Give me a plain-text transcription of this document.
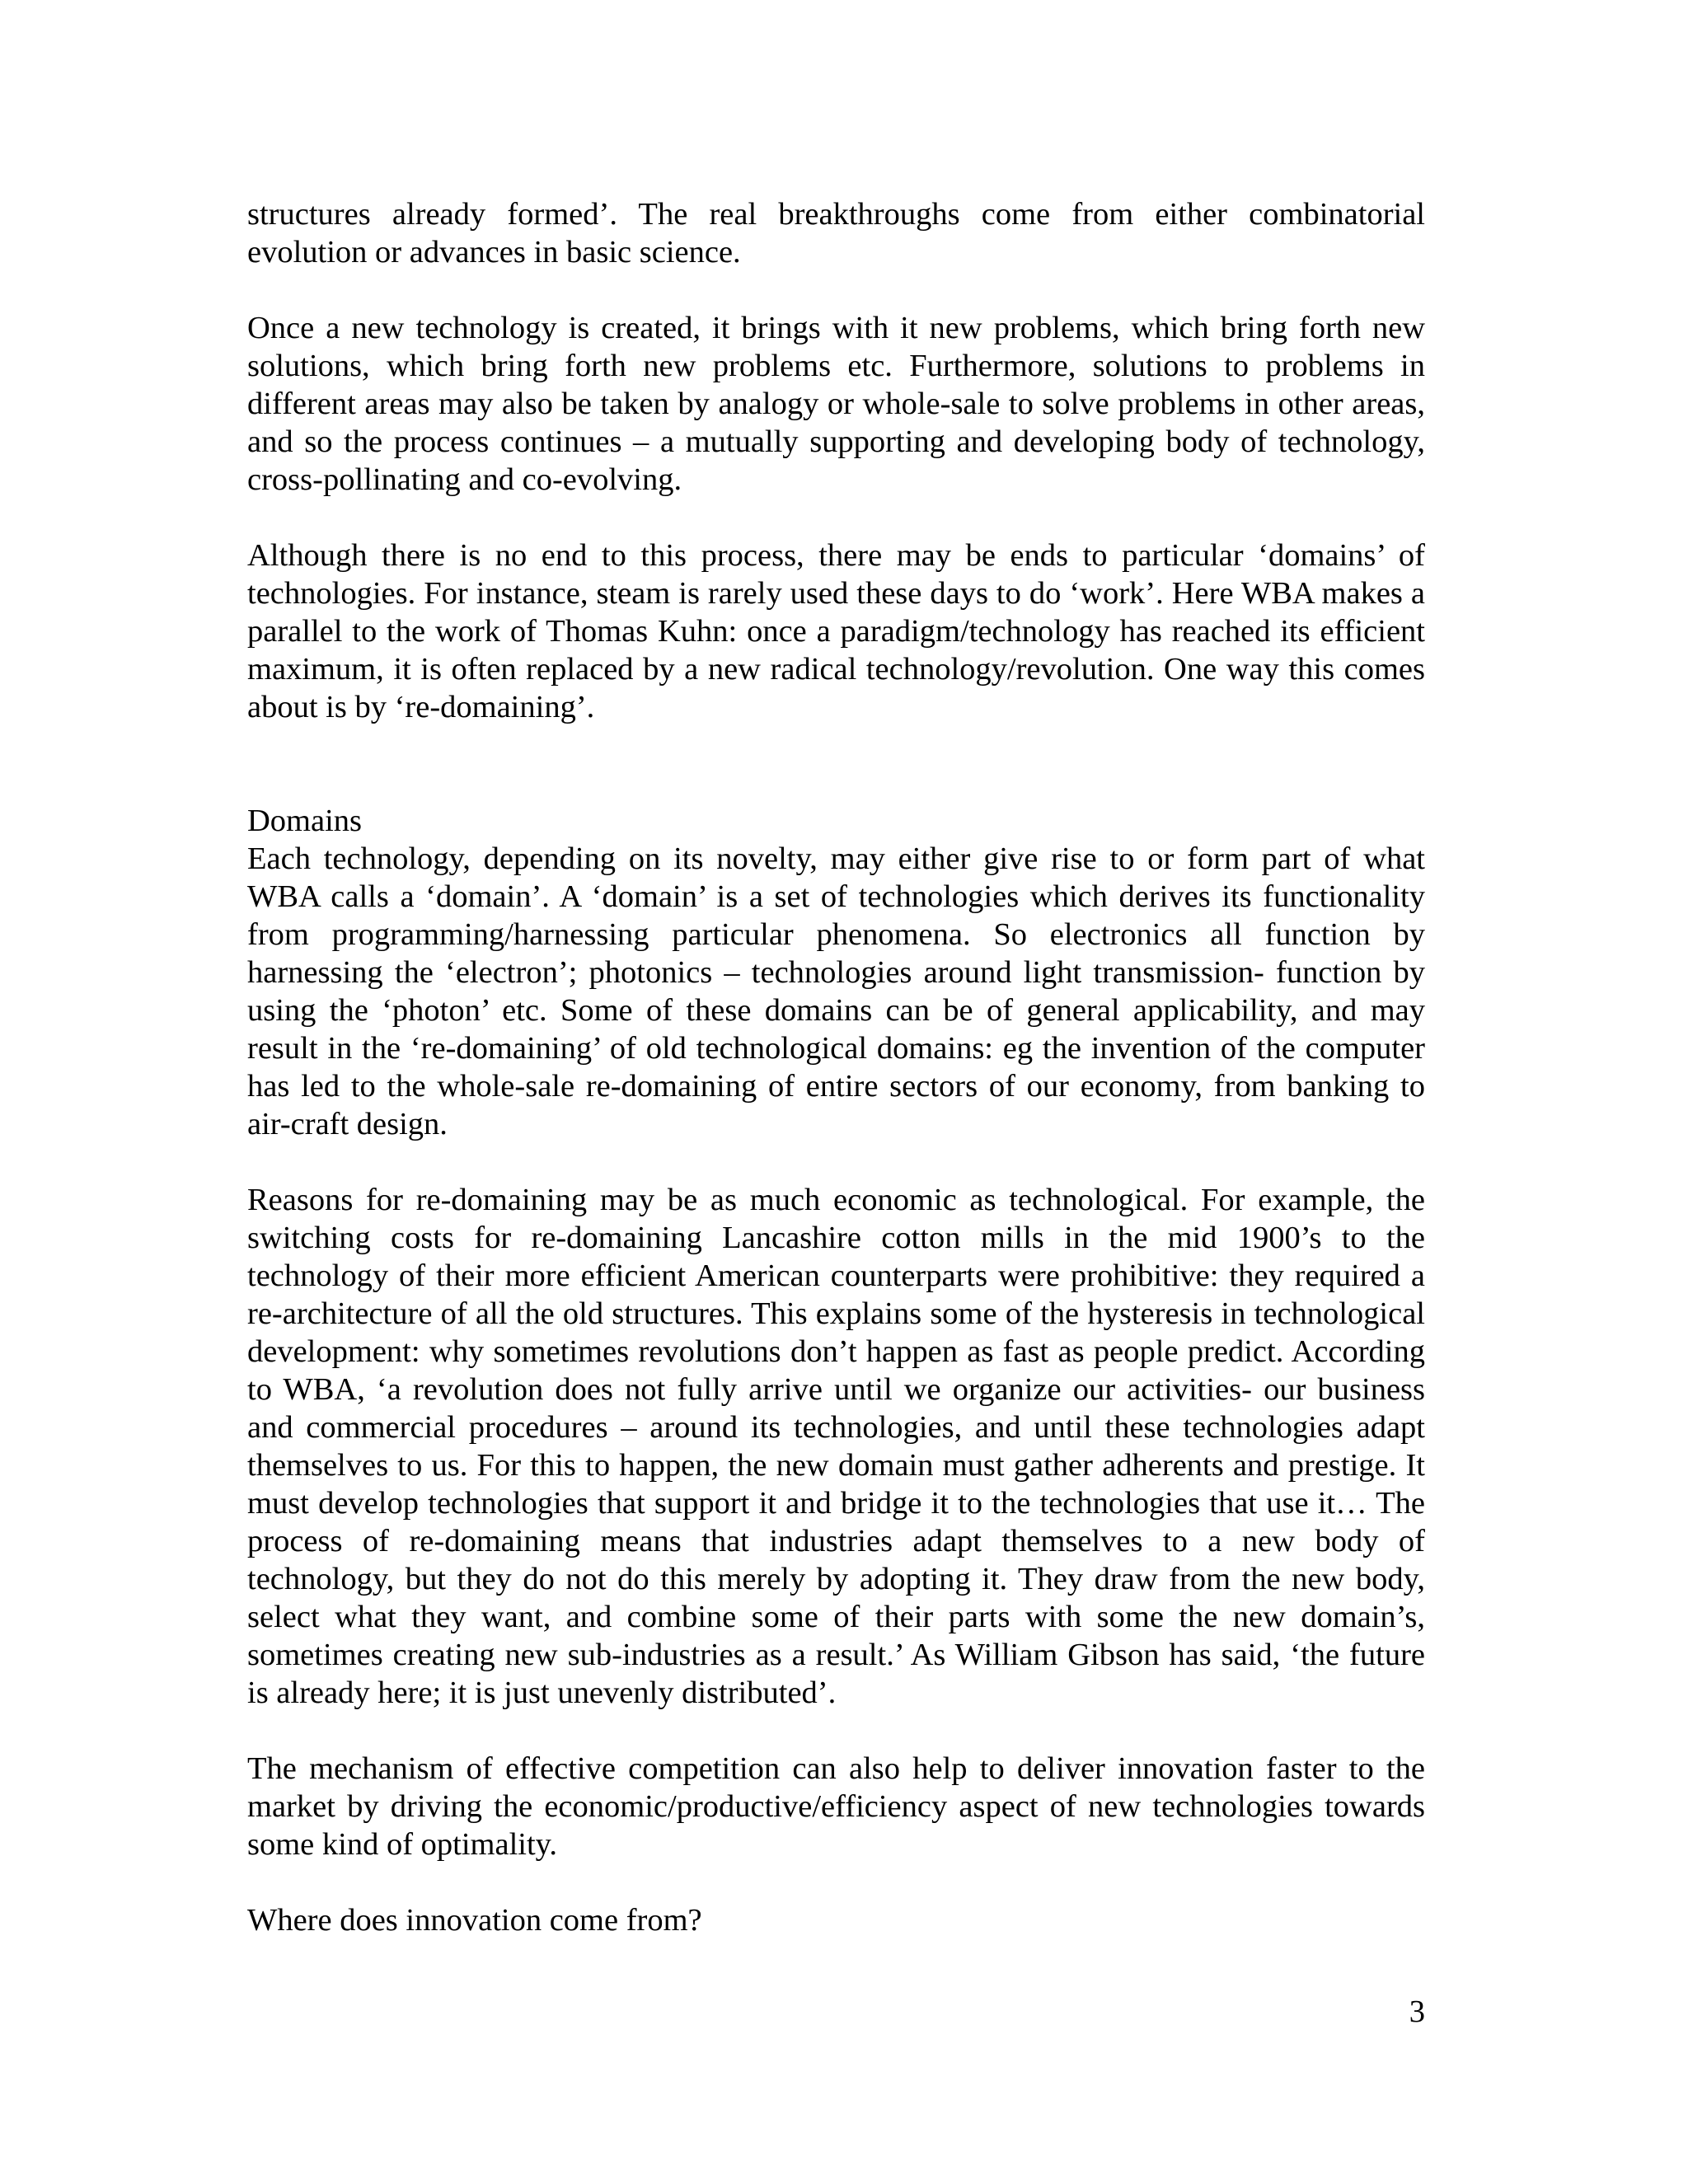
structures already formed’. The real breakthroughs come from either combinatorial evolution or advances in basic science.

Once a new technology is created, it brings with it new problems, which bring forth new solutions, which bring forth new problems etc. Furthermore, solutions to problems in different areas may also be taken by analogy or whole-sale to solve problems in other areas, and so the process continues – a mutually supporting and developing body of technology, cross-pollinating and co-evolving.

Although there is no end to this process, there may be ends to particular ‘domains’ of technologies. For instance, steam is rarely used these days to do ‘work’. Here WBA makes a parallel to the work of Thomas Kuhn: once a paradigm/technology has reached its efficient maximum, it is often replaced by a new radical technology/revolution. One way this comes about is by ‘re-domaining’.

Domains

Each technology, depending on its novelty, may either give rise to or form part of what WBA calls a ‘domain’. A ‘domain’ is a set of technologies which derives its functionality from programming/harnessing particular phenomena. So electronics all function by harnessing the ‘electron’; photonics – technologies around light transmission- function by using the ‘photon’ etc. Some of these domains can be of general applicability, and may result in the ‘re-domaining’ of old technological domains: eg the invention of the computer has led to the whole-sale re-domaining of entire sectors of our economy, from banking to air-craft design.

Reasons for re-domaining may be as much economic as technological. For example, the switching costs for re-domaining Lancashire cotton mills in the mid 1900’s to the technology of their more efficient American counterparts were prohibitive: they required a re-architecture of all the old structures. This explains some of the hysteresis in technological development: why sometimes revolutions don’t happen as fast as people predict. According to WBA, ‘a revolution does not fully arrive until we organize our activities- our business and commercial procedures – around its technologies, and until these technologies adapt themselves to us. For this to happen, the new domain must gather adherents and prestige. It must develop technologies that support it and bridge it to the technologies that use it… The process of re-domaining means that industries adapt themselves to a new body of technology, but they do not do this merely by adopting it. They draw from the new body, select what they want, and combine some of their parts with some the new domain’s, sometimes creating new sub-industries as a result.’ As William Gibson has said, ‘the future is already here; it is just unevenly distributed’.

The mechanism of effective competition can also help to deliver innovation faster to the market by driving the economic/productive/efficiency aspect of new technologies towards some kind of optimality.

Where does innovation come from?

3
